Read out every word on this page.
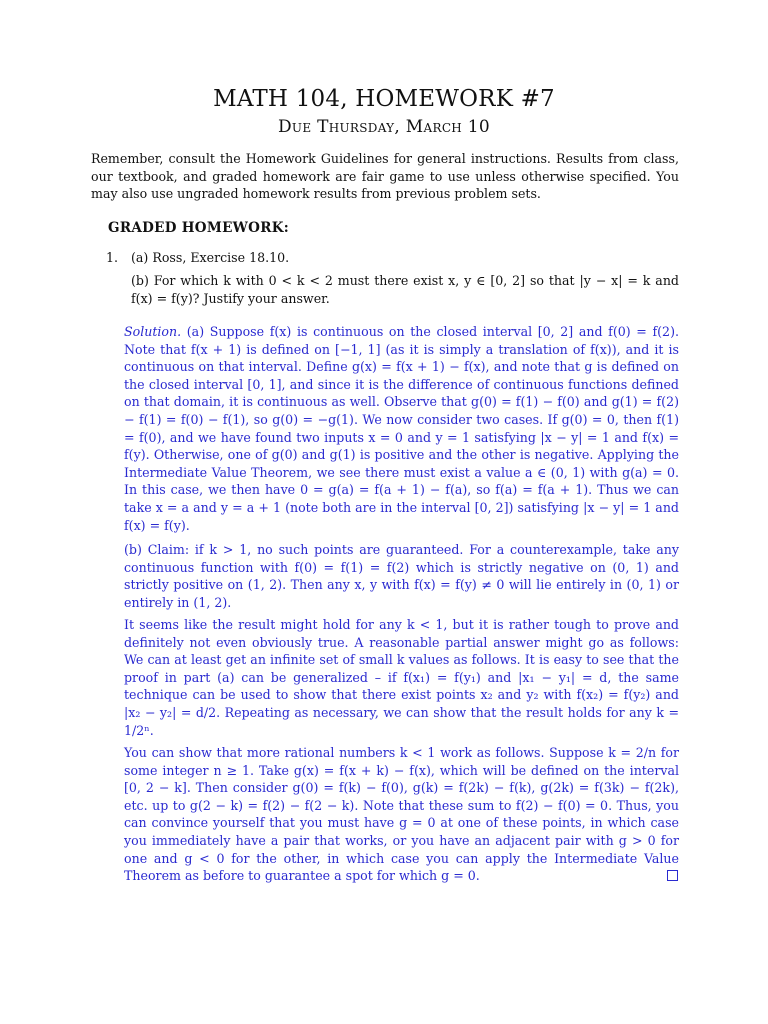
MATH 104, HOMEWORK #7
Due Thursday, March 10
Remember, consult the Homework Guidelines for general instructions. Results from class, our textbook, and graded homework are fair game to use unless otherwise specified. You may also use ungraded homework results from previous problem sets.
GRADED HOMEWORK:
1. (a) Ross, Exercise 18.10.
(b) For which k with 0 < k < 2 must there exist x, y ∈ [0, 2] so that |y − x| = k and f(x) = f(y)? Justify your answer.
Solution. (a) Suppose f(x) is continuous on the closed interval [0, 2] and f(0) = f(2). Note that f(x + 1) is defined on [−1, 1] (as it is simply a translation of f(x)), and it is continuous on that interval. Define g(x) = f(x + 1) − f(x), and note that g is defined on the closed interval [0, 1], and since it is the difference of continuous functions defined on that domain, it is continuous as well. Observe that g(0) = f(1) − f(0) and g(1) = f(2) − f(1) = f(0) − f(1), so g(0) = −g(1). We now consider two cases. If g(0) = 0, then f(1) = f(0), and we have found two inputs x = 0 and y = 1 satisfying |x − y| = 1 and f(x) = f(y). Otherwise, one of g(0) and g(1) is positive and the other is negative. Applying the Intermediate Value Theorem, we see there must exist a value a ∈ (0, 1) with g(a) = 0. In this case, we then have 0 = g(a) = f(a + 1) − f(a), so f(a) = f(a + 1). Thus we can take x = a and y = a + 1 (note both are in the interval [0, 2]) satisfying |x − y| = 1 and f(x) = f(y).
(b) Claim: if k > 1, no such points are guaranteed. For a counterexample, take any continuous function with f(0) = f(1) = f(2) which is strictly negative on (0, 1) and strictly positive on (1, 2). Then any x, y with f(x) = f(y) ≠ 0 will lie entirely in (0, 1) or entirely in (1, 2).
It seems like the result might hold for any k < 1, but it is rather tough to prove and definitely not even obviously true. A reasonable partial answer might go as follows: We can at least get an infinite set of small k values as follows. It is easy to see that the proof in part (a) can be generalized – if f(x₁) = f(y₁) and |x₁ − y₁| = d, the same technique can be used to show that there exist points x₂ and y₂ with f(x₂) = f(y₂) and |x₂ − y₂| = d/2. Repeating as necessary, we can show that the result holds for any k = 1/2ⁿ.
You can show that more rational numbers k < 1 work as follows. Suppose k = 2/n for some integer n ≥ 1. Take g(x) = f(x + k) − f(x), which will be defined on the interval [0, 2 − k]. Then consider g(0) = f(k) − f(0), g(k) = f(2k) − f(k), g(2k) = f(3k) − f(2k), etc. up to g(2 − k) = f(2) − f(2 − k). Note that these sum to f(2) − f(0) = 0. Thus, you can convince yourself that you must have g = 0 at one of these points, in which case you immediately have a pair that works, or you have an adjacent pair with g > 0 for one and g < 0 for the other, in which case you can apply the Intermediate Value Theorem as before to guarantee a spot for which g = 0.
